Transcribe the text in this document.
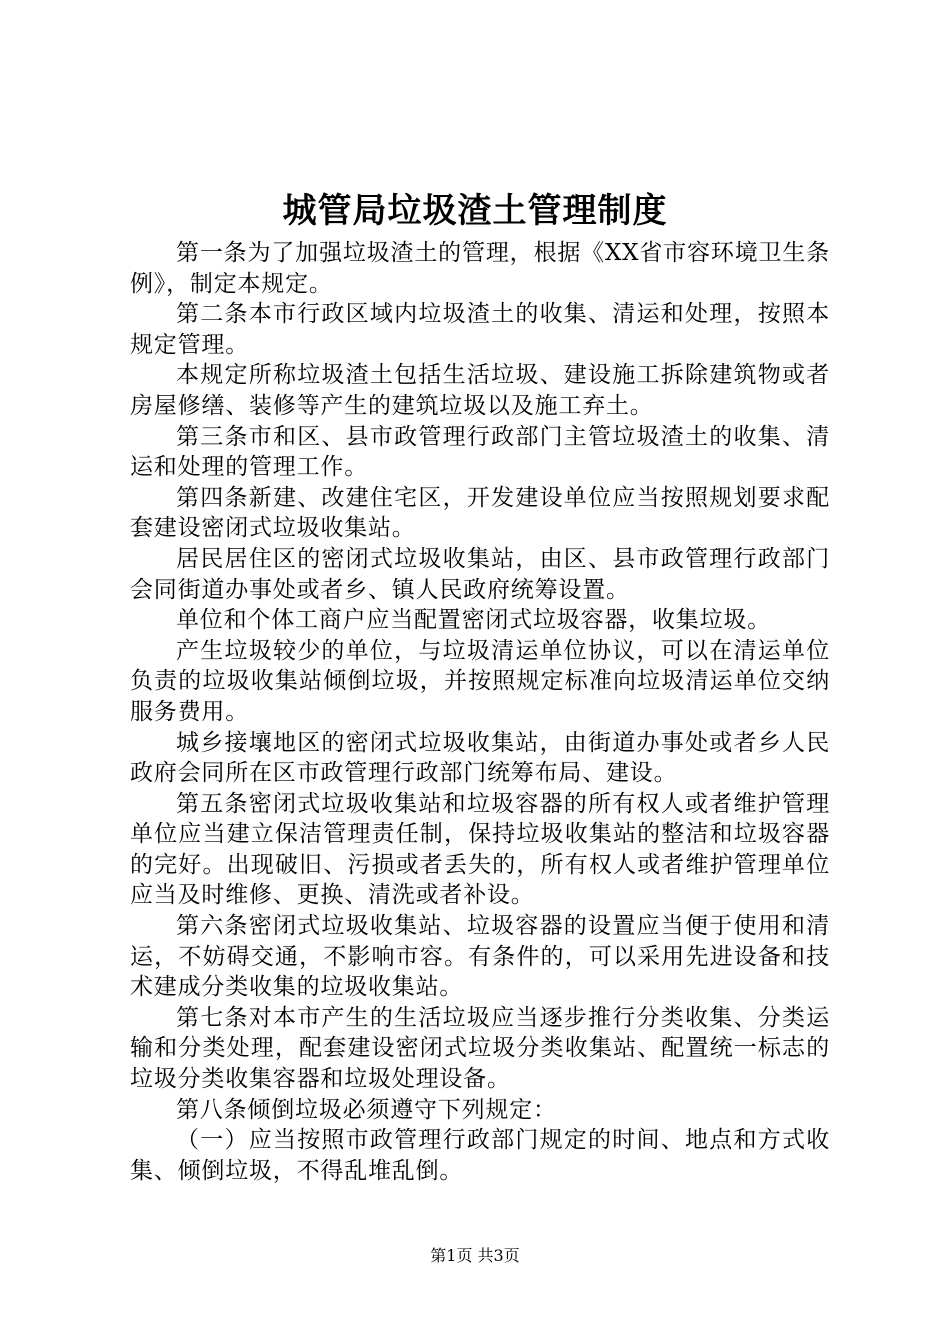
城管局垃圾渣土管理制度

第一条为了加强垃圾渣土的管理，根据《XX省市容环境卫生条例》，制定本规定。

第二条本市行政区域内垃圾渣土的收集、清运和处理，按照本规定管理。

本规定所称垃圾渣土包括生活垃圾、建设施工拆除建筑物或者房屋修缮、装修等产生的建筑垃圾以及施工弃土。

第三条市和区、县市政管理行政部门主管垃圾渣土的收集、清运和处理的管理工作。

第四条新建、改建住宅区，开发建设单位应当按照规划要求配套建设密闭式垃圾收集站。

居民居住区的密闭式垃圾收集站，由区、县市政管理行政部门会同街道办事处或者乡、镇人民政府统筹设置。

单位和个体工商户应当配置密闭式垃圾容器，收集垃圾。

产生垃圾较少的单位，与垃圾清运单位协议，可以在清运单位负责的垃圾收集站倾倒垃圾，并按照规定标准向垃圾清运单位交纳服务费用。

城乡接壤地区的密闭式垃圾收集站，由街道办事处或者乡人民政府会同所在区市政管理行政部门统筹布局、建设。

第五条密闭式垃圾收集站和垃圾容器的所有权人或者维护管理单位应当建立保洁管理责任制，保持垃圾收集站的整洁和垃圾容器的完好。出现破旧、污损或者丢失的，所有权人或者维护管理单位应当及时维修、更换、清洗或者补设。

第六条密闭式垃圾收集站、垃圾容器的设置应当便于使用和清运，不妨碍交通，不影响市容。有条件的，可以采用先进设备和技术建成分类收集的垃圾收集站。

第七条对本市产生的生活垃圾应当逐步推行分类收集、分类运输和分类处理，配套建设密闭式垃圾分类收集站、配置统一标志的垃圾分类收集容器和垃圾处理设备。

第八条倾倒垃圾必须遵守下列规定：

（一）应当按照市政管理行政部门规定的时间、地点和方式收集、倾倒垃圾，不得乱堆乱倒。

第1页 共3页
